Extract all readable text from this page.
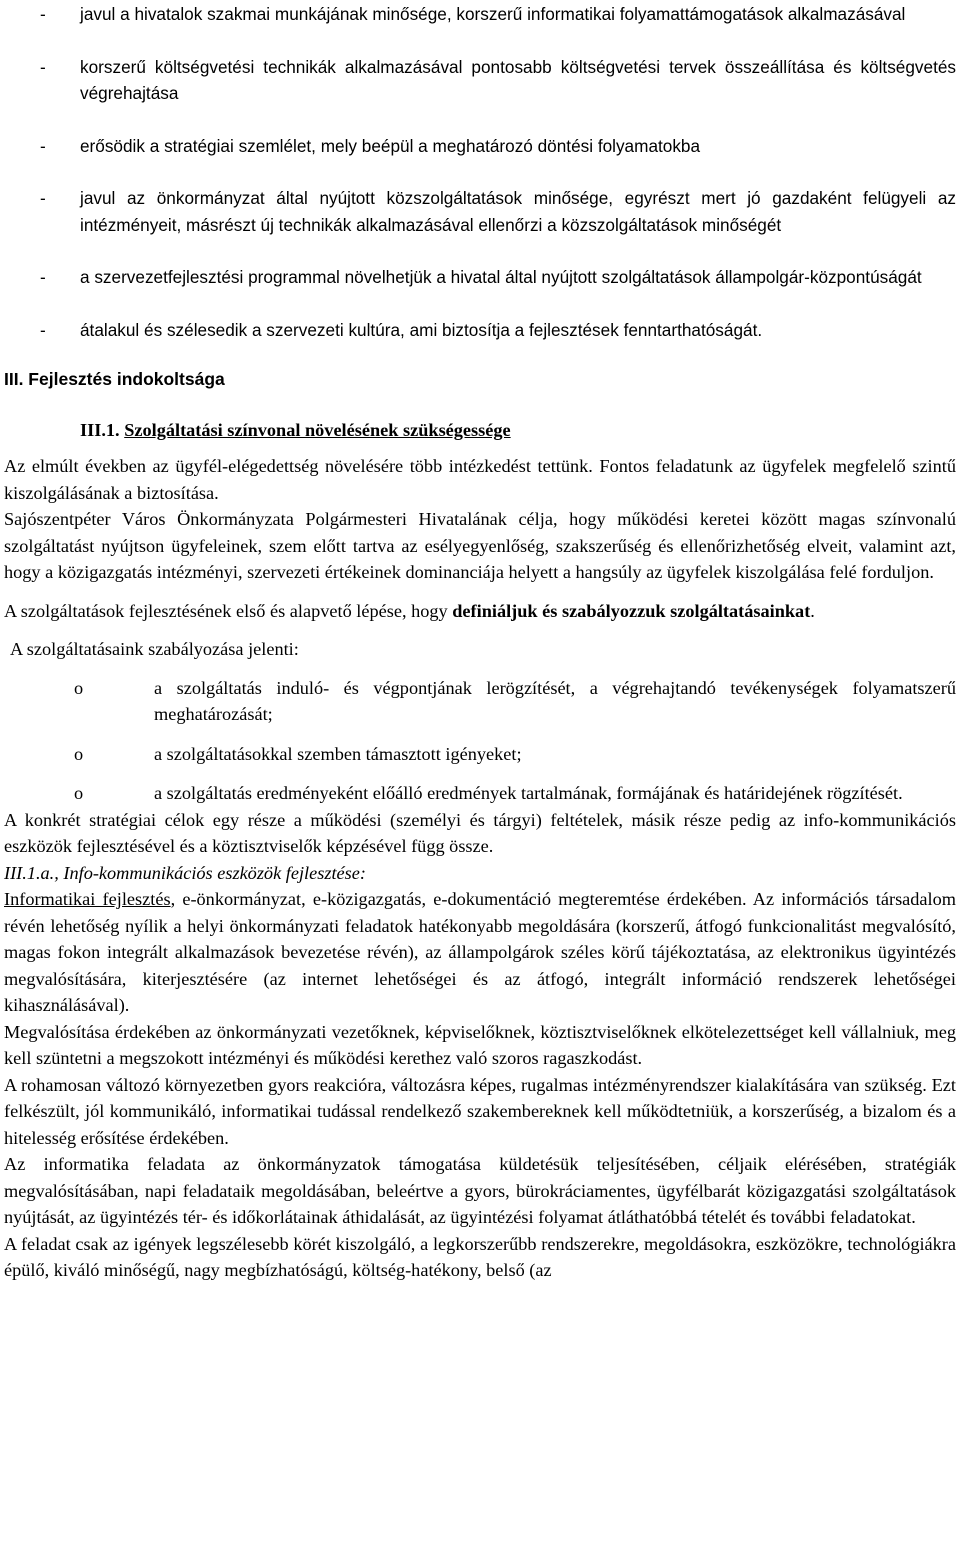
- javul a hivatalok szakmai munkájának minősége, korszerű informatikai folyamattámogatások alkalmazásával
- korszerű költségvetési technikák alkalmazásával pontosabb költségvetési tervek összeállítása és költségvetés végrehajtása
- erősödik a stratégiai szemlélet, mely beépül a meghatározó döntési folyamatokba
- javul az önkormányzat által nyújtott közszolgáltatások minősége, egyrészt mert jó gazdaként felügyeli az intézményeit, másrészt új technikák alkalmazásával ellenőrzi a közszolgáltatások minőségét
- a szervezetfejlesztési programmal növelhetjük a hivatal által nyújtott szolgáltatások állampolgár-központúságát
- átalakul és szélesedik a szervezeti kultúra, ami biztosítja a fejlesztések fenntarthatóságát.

III. Fejlesztés indokoltsága

III.1. Szolgáltatási színvonal növelésének szükségessége

Az elmúlt években az ügyfél-elégedettség növelésére több intézkedést tettünk. Fontos feladatunk az ügyfelek megfelelő szintű kiszolgálásának a biztosítása.

Sajószentpéter Város Önkormányzata Polgármesteri Hivatalának célja, hogy működési keretei között magas színvonalú szolgáltatást nyújtson ügyfeleinek, szem előtt tartva az esélyegyenlőség, szakszerűség és ellenőrizhetőség elveit, valamint azt, hogy a közigazgatás intézményi, szervezeti értékeinek dominanciája helyett a hangsúly az ügyfelek kiszolgálása felé forduljon.

A szolgáltatások fejlesztésének első és alapvető lépése, hogy definiáljuk és szabályozzuk szolgáltatásainkat.

A szolgáltatásaink szabályozása jelenti:

o	a szolgáltatás induló- és végpontjának lerögzítését, a végrehajtandó tevékenységek folyamatszerű meghatározását;
o	a szolgáltatásokkal szemben támasztott igényeket;
o	a szolgáltatás eredményeként előálló eredmények tartalmának, formájának és határidejének rögzítését.

A konkrét stratégiai célok egy része a működési (személyi és tárgyi) feltételek, másik része pedig az info-kommunikációs eszközök fejlesztésével és a köztisztviselők képzésével függ össze.

III.1.a., Info-kommunikációs eszközök fejlesztése:

Informatikai fejlesztés, e-önkormányzat, e-közigazgatás, e-dokumentáció megteremtése érdekében. Az információs társadalom révén lehetőség nyílik a helyi önkormányzati feladatok hatékonyabb megoldására (korszerű, átfogó funkcionalitást megvalósító, magas fokon integrált alkalmazások bevezetése révén), az állampolgárok széles körű tájékoztatása, az elektronikus ügyintézés megvalósítására, kiterjesztésére (az internet lehetőségei és az átfogó, integrált információ rendszerek lehetőségei kihasználásával).

Megvalósítása érdekében az önkormányzati vezetőknek, képviselőknek, köztisztviselőknek elkötelezettséget kell vállalniuk, meg kell szüntetni a megszokott intézményi és működési kerethez való szoros ragaszkodást.

A rohamosan változó környezetben gyors reakcióra, változásra képes, rugalmas intézményrendszer kialakítására van szükség. Ezt felkészült, jól kommunikáló, informatikai tudással rendelkező szakembereknek kell működtetniük, a korszerűség, a bizalom és a hitelesség erősítése érdekében.

Az informatika feladata az önkormányzatok támogatása küldetésük teljesítésében, céljaik elérésében, stratégiák megvalósításában, napi feladataik megoldásában, beleértve a gyors, bürokráciamentes, ügyfélbarát közigazgatási szolgáltatások nyújtását, az ügyintézés tér- és időkorlátainak áthidalását, az ügyintézési folyamat átláthatóbbá tételét és további feladatokat.

A feladat csak az igények legszélesebb körét kiszolgáló, a legkorszerűbb rendszerekre, megoldásokra, eszközökre, technológiákra épülő, kiváló minőségű, nagy megbízhatóságú, költség-hatékony, belső (az
